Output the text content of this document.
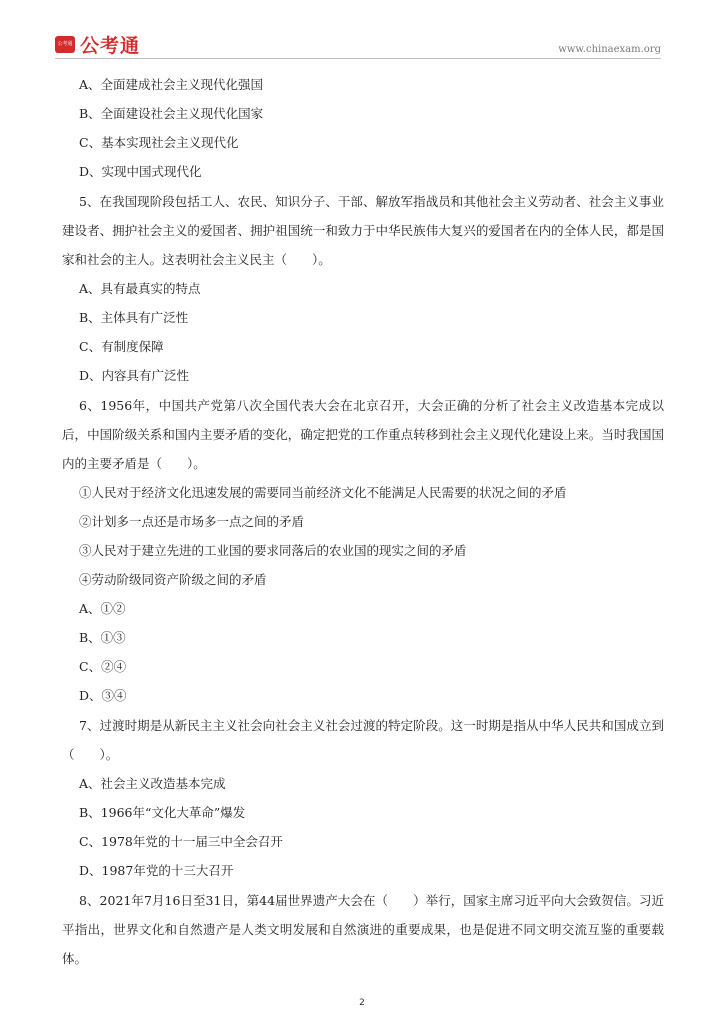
公考通 公考通	www.chinaexam.org
A、全面建成社会主义现代化强国
B、全面建设社会主义现代化国家
C、基本实现社会主义现代化
D、实现中国式现代化
5、在我国现阶段包括工人、农民、知识分子、干部、解放军指战员和其他社会主义劳动者、社会主义事业建设者、拥护社会主义的爱国者、拥护祖国统一和致力于中华民族伟大复兴的爱国者在内的全体人民，都是国家和社会的主人。这表明社会主义民主（　　）。
A、具有最真实的特点
B、主体具有广泛性
C、有制度保障
D、内容具有广泛性
6、1956年，中国共产党第八次全国代表大会在北京召开，大会正确的分析了社会主义改造基本完成以后，中国阶级关系和国内主要矛盾的变化，确定把党的工作重点转移到社会主义现代化建设上来。当时我国国内的主要矛盾是（　　）。
①人民对于经济文化迅速发展的需要同当前经济文化不能满足人民需要的状况之间的矛盾
②计划多一点还是市场多一点之间的矛盾
③人民对于建立先进的工业国的要求同落后的农业国的现实之间的矛盾
④劳动阶级同资产阶级之间的矛盾
A、①②
B、①③
C、②④
D、③④
7、过渡时期是从新民主主义社会向社会主义社会过渡的特定阶段。这一时期是指从中华人民共和国成立到（　　）。
A、社会主义改造基本完成
B、1966年“文化大革命”爆发
C、1978年党的十一届三中全会召开
D、1987年党的十三大召开
8、2021年7月16日至31日，第44届世界遗产大会在（　　）举行，国家主席习近平向大会致贺信。习近平指出，世界文化和自然遗产是人类文明发展和自然演进的重要成果，也是促进不同文明交流互鉴的重要载体。
2
